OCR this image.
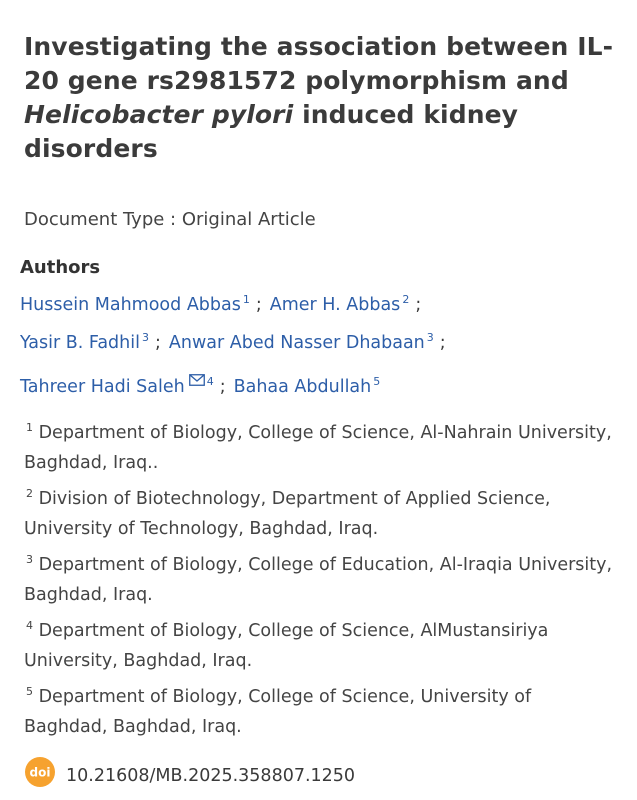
Investigating the association between IL-20 gene rs2981572 polymorphism and Helicobacter pylori induced kidney disorders
Document Type : Original Article
Authors
Hussein Mahmood Abbas $^1$ ; Amer H. Abbas $^2$ ;
Yasir B. Fadhil $^3$ ; Anwar Abed Nasser Dhabaan $^3$ ;
Tahreer Hadi Saleh $^4$ ; Bahaa Abdullah $^5$
$^1$ Department of Biology, College of Science, Al-Nahrain University, Baghdad, Iraq..
$^2$ Division of Biotechnology, Department of Applied Science, University of Technology, Baghdad, Iraq.
$^3$ Department of Biology, College of Education, Al-Iraqia University, Baghdad, Iraq.
$^4$ Department of Biology, College of Science, AlMustansiriya University, Baghdad, Iraq.
$^5$ Department of Biology, College of Science, University of Baghdad, Baghdad, Iraq.
doi 10.21608/MB.2025.358807.1250
